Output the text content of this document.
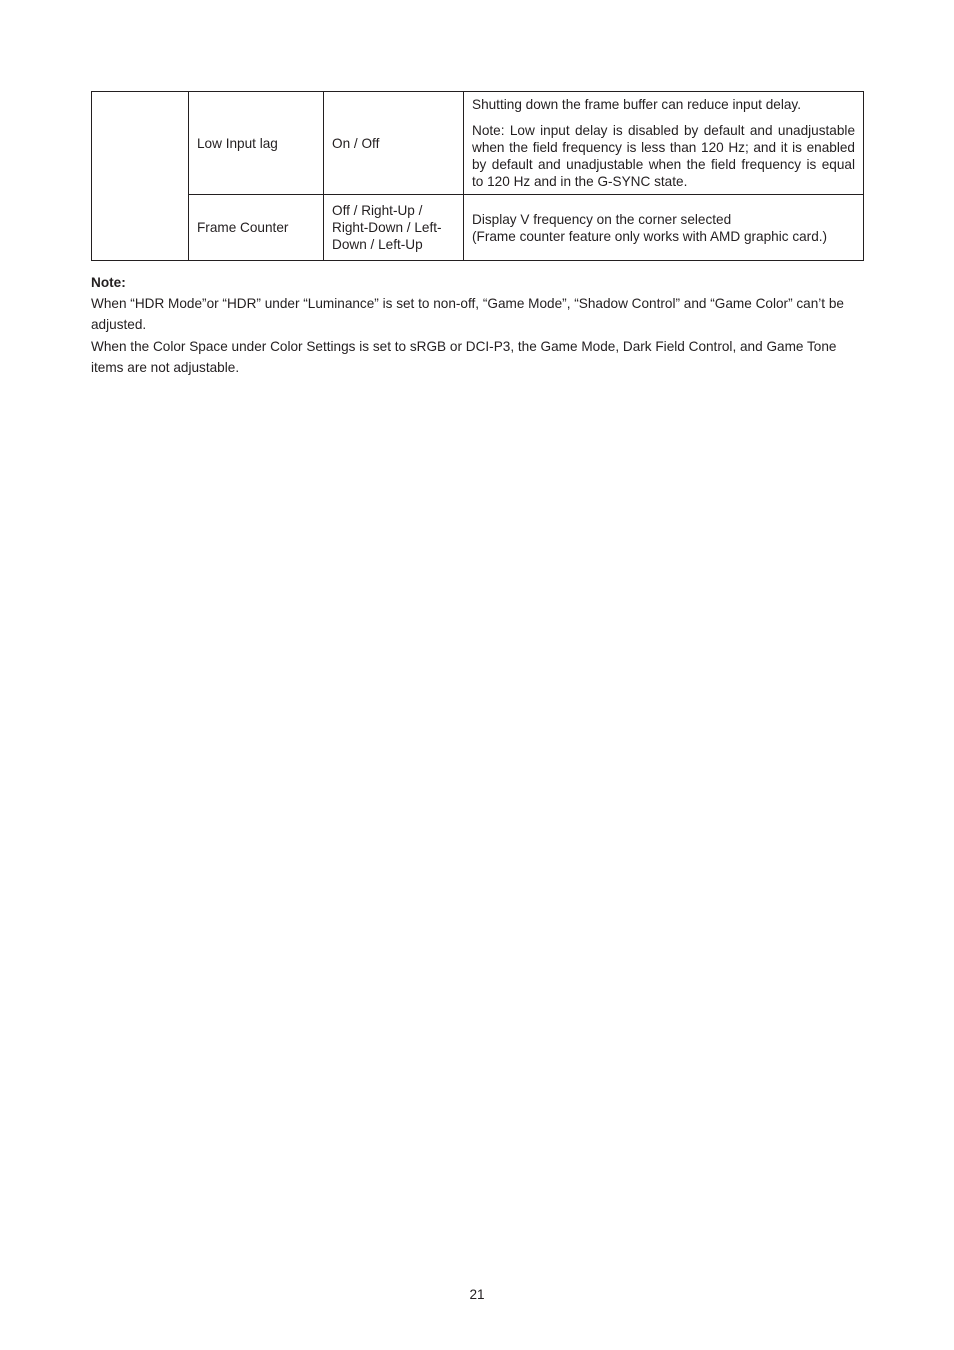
	Low Input lag	On / Off	Shutting down the frame buffer can reduce input delay.

Note: Low input delay is disabled by default and unadjustable when the field frequency is less than 120 Hz; and it is enabled by default and unadjustable when the field frequency is equal to 120 Hz and in the G-SYNC state.

	Frame Counter	Off / Right-Up / Right-Down / Left-Down / Left-Up	Display V frequency on the corner selected
(Frame counter feature only works with AMD graphic card.)

Note:

When “HDR Mode”or “HDR” under “Luminance” is set to non-off, “Game Mode”, “Shadow Control” and “Game Color” can’t be adjusted.

When the Color Space under Color Settings is set to sRGB or DCI-P3, the Game Mode, Dark Field Control, and Game Tone items are not adjustable.

21
